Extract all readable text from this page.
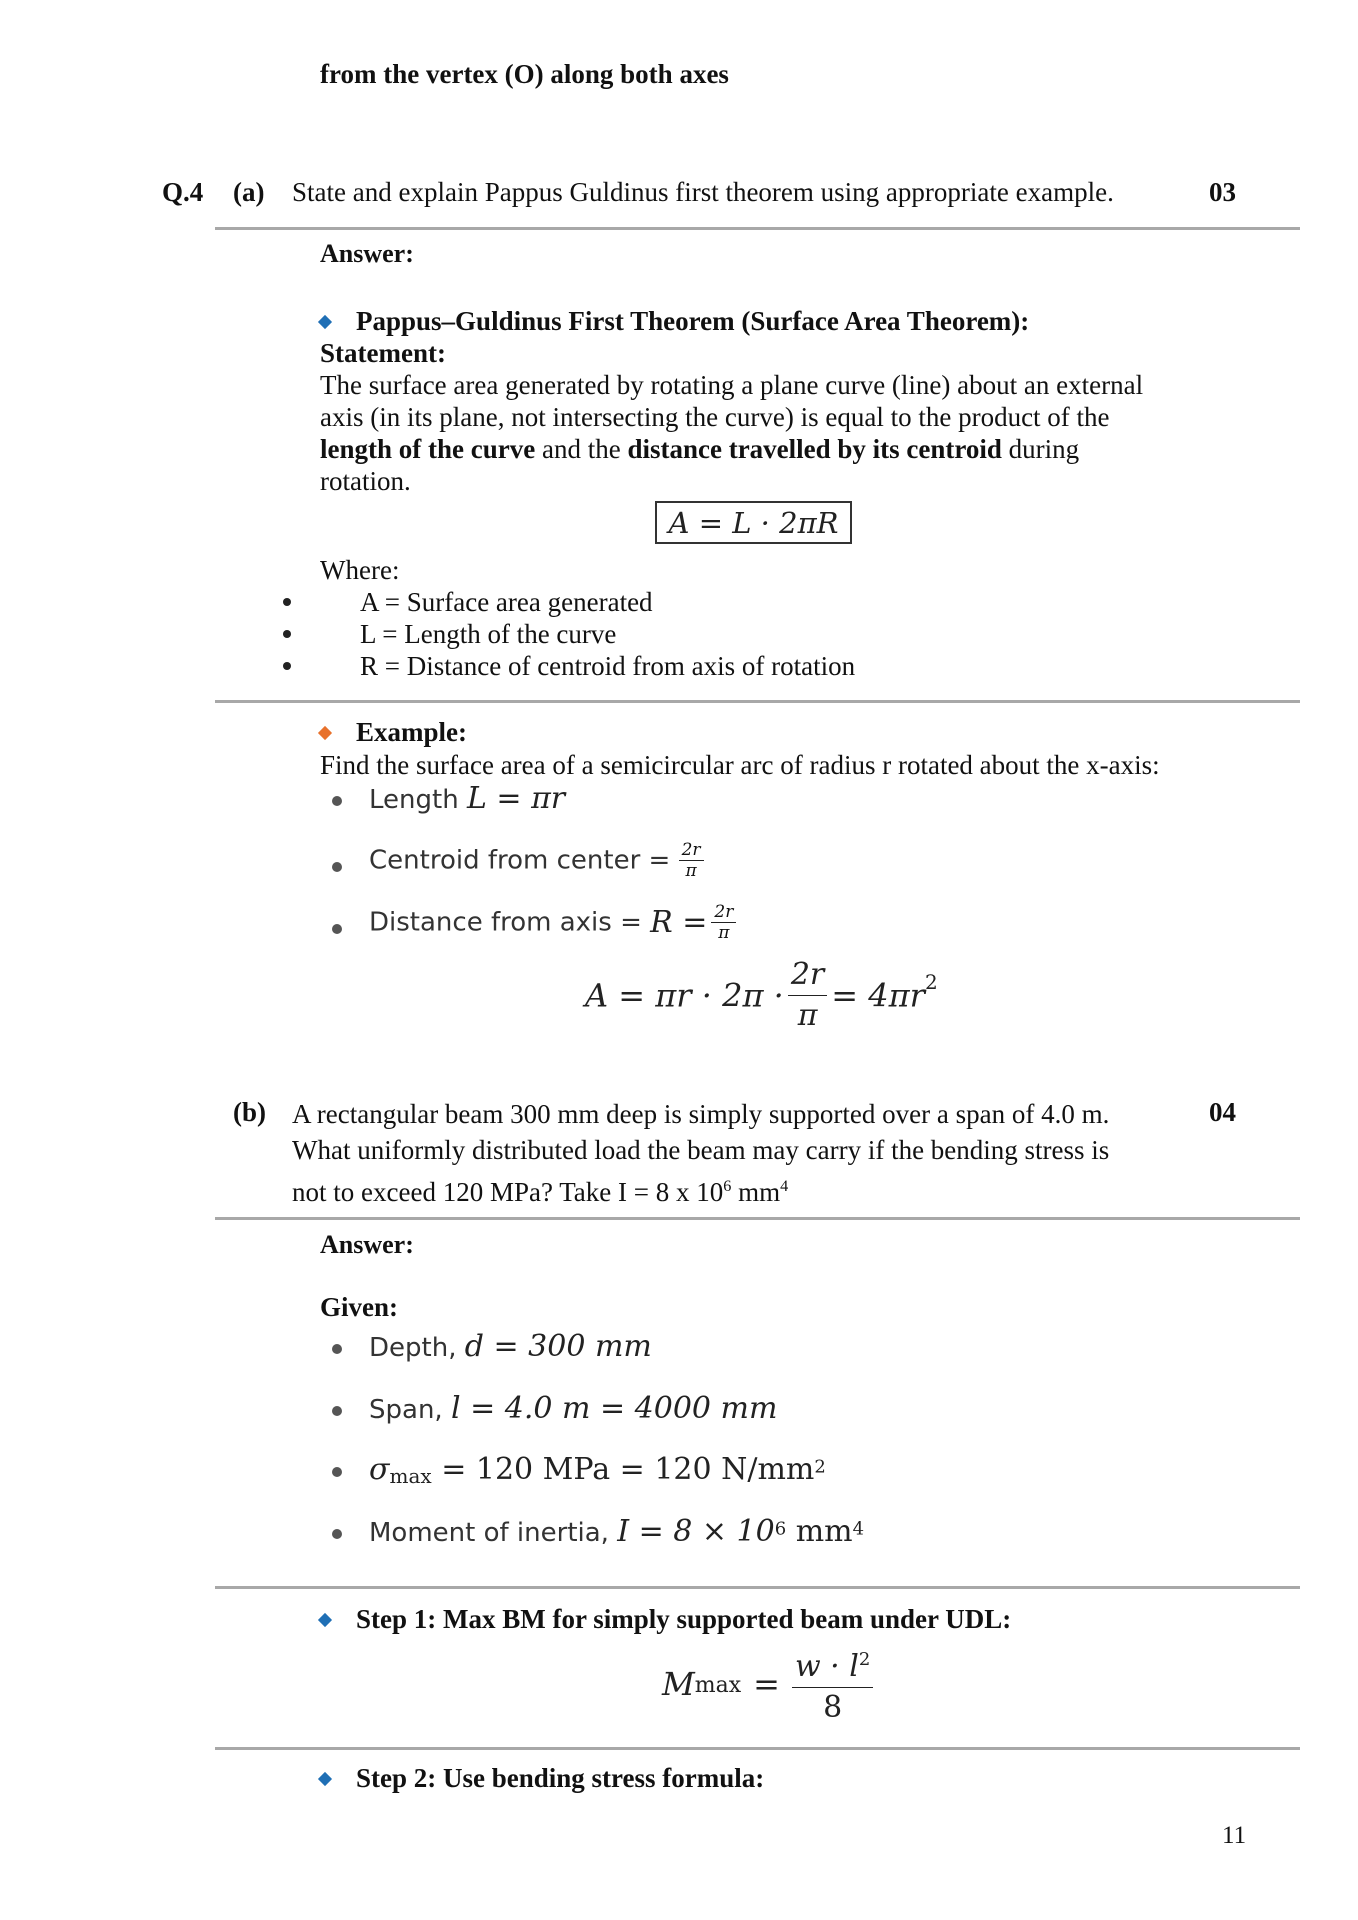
from the vertex (O) along both axes
Q.4 (a) State and explain Pappus Guldinus first theorem using appropriate example.	03
Answer:
Pappus–Guldinus First Theorem (Surface Area Theorem):
Statement:
The surface area generated by rotating a plane curve (line) about an external
axis (in its plane, not intersecting the curve) is equal to the product of the
length of the curve and the distance travelled by its centroid during
rotation.
A = L · 2πR
Where:
A = Surface area generated
L = Length of the curve
R = Distance of centroid from axis of rotation
Example:
Find the surface area of a semicircular arc of radius r rotated about the x-axis:
Length L = πr
Centroid from center = $\frac{2r}{\pi}$
Distance from axis = $R = \frac{2r}{\pi}$
$A = \pi r \cdot 2\pi \cdot \frac{2r}{\pi} = 4\pi r^2$
(b) A rectangular beam 300 mm deep is simply supported over a span of 4.0 m.
What uniformly distributed load the beam may carry if the bending stress is
not to exceed 120 MPa? Take I = 8 x $10^6$ $mm^4$
04
Answer:
Given:
Depth, d = 300 mm
Span, l = 4.0 m = 4000 mm
$\sigma_{max} = 120$ MPa = 120 $N/mm^2$
Moment of inertia, $I = 8 \times 10^6$ $mm^4$
Step 1: Max BM for simply supported beam under UDL:
$M_{max} = \frac{w \cdot l^2}{8}$
Step 2: Use bending stress formula:
11
